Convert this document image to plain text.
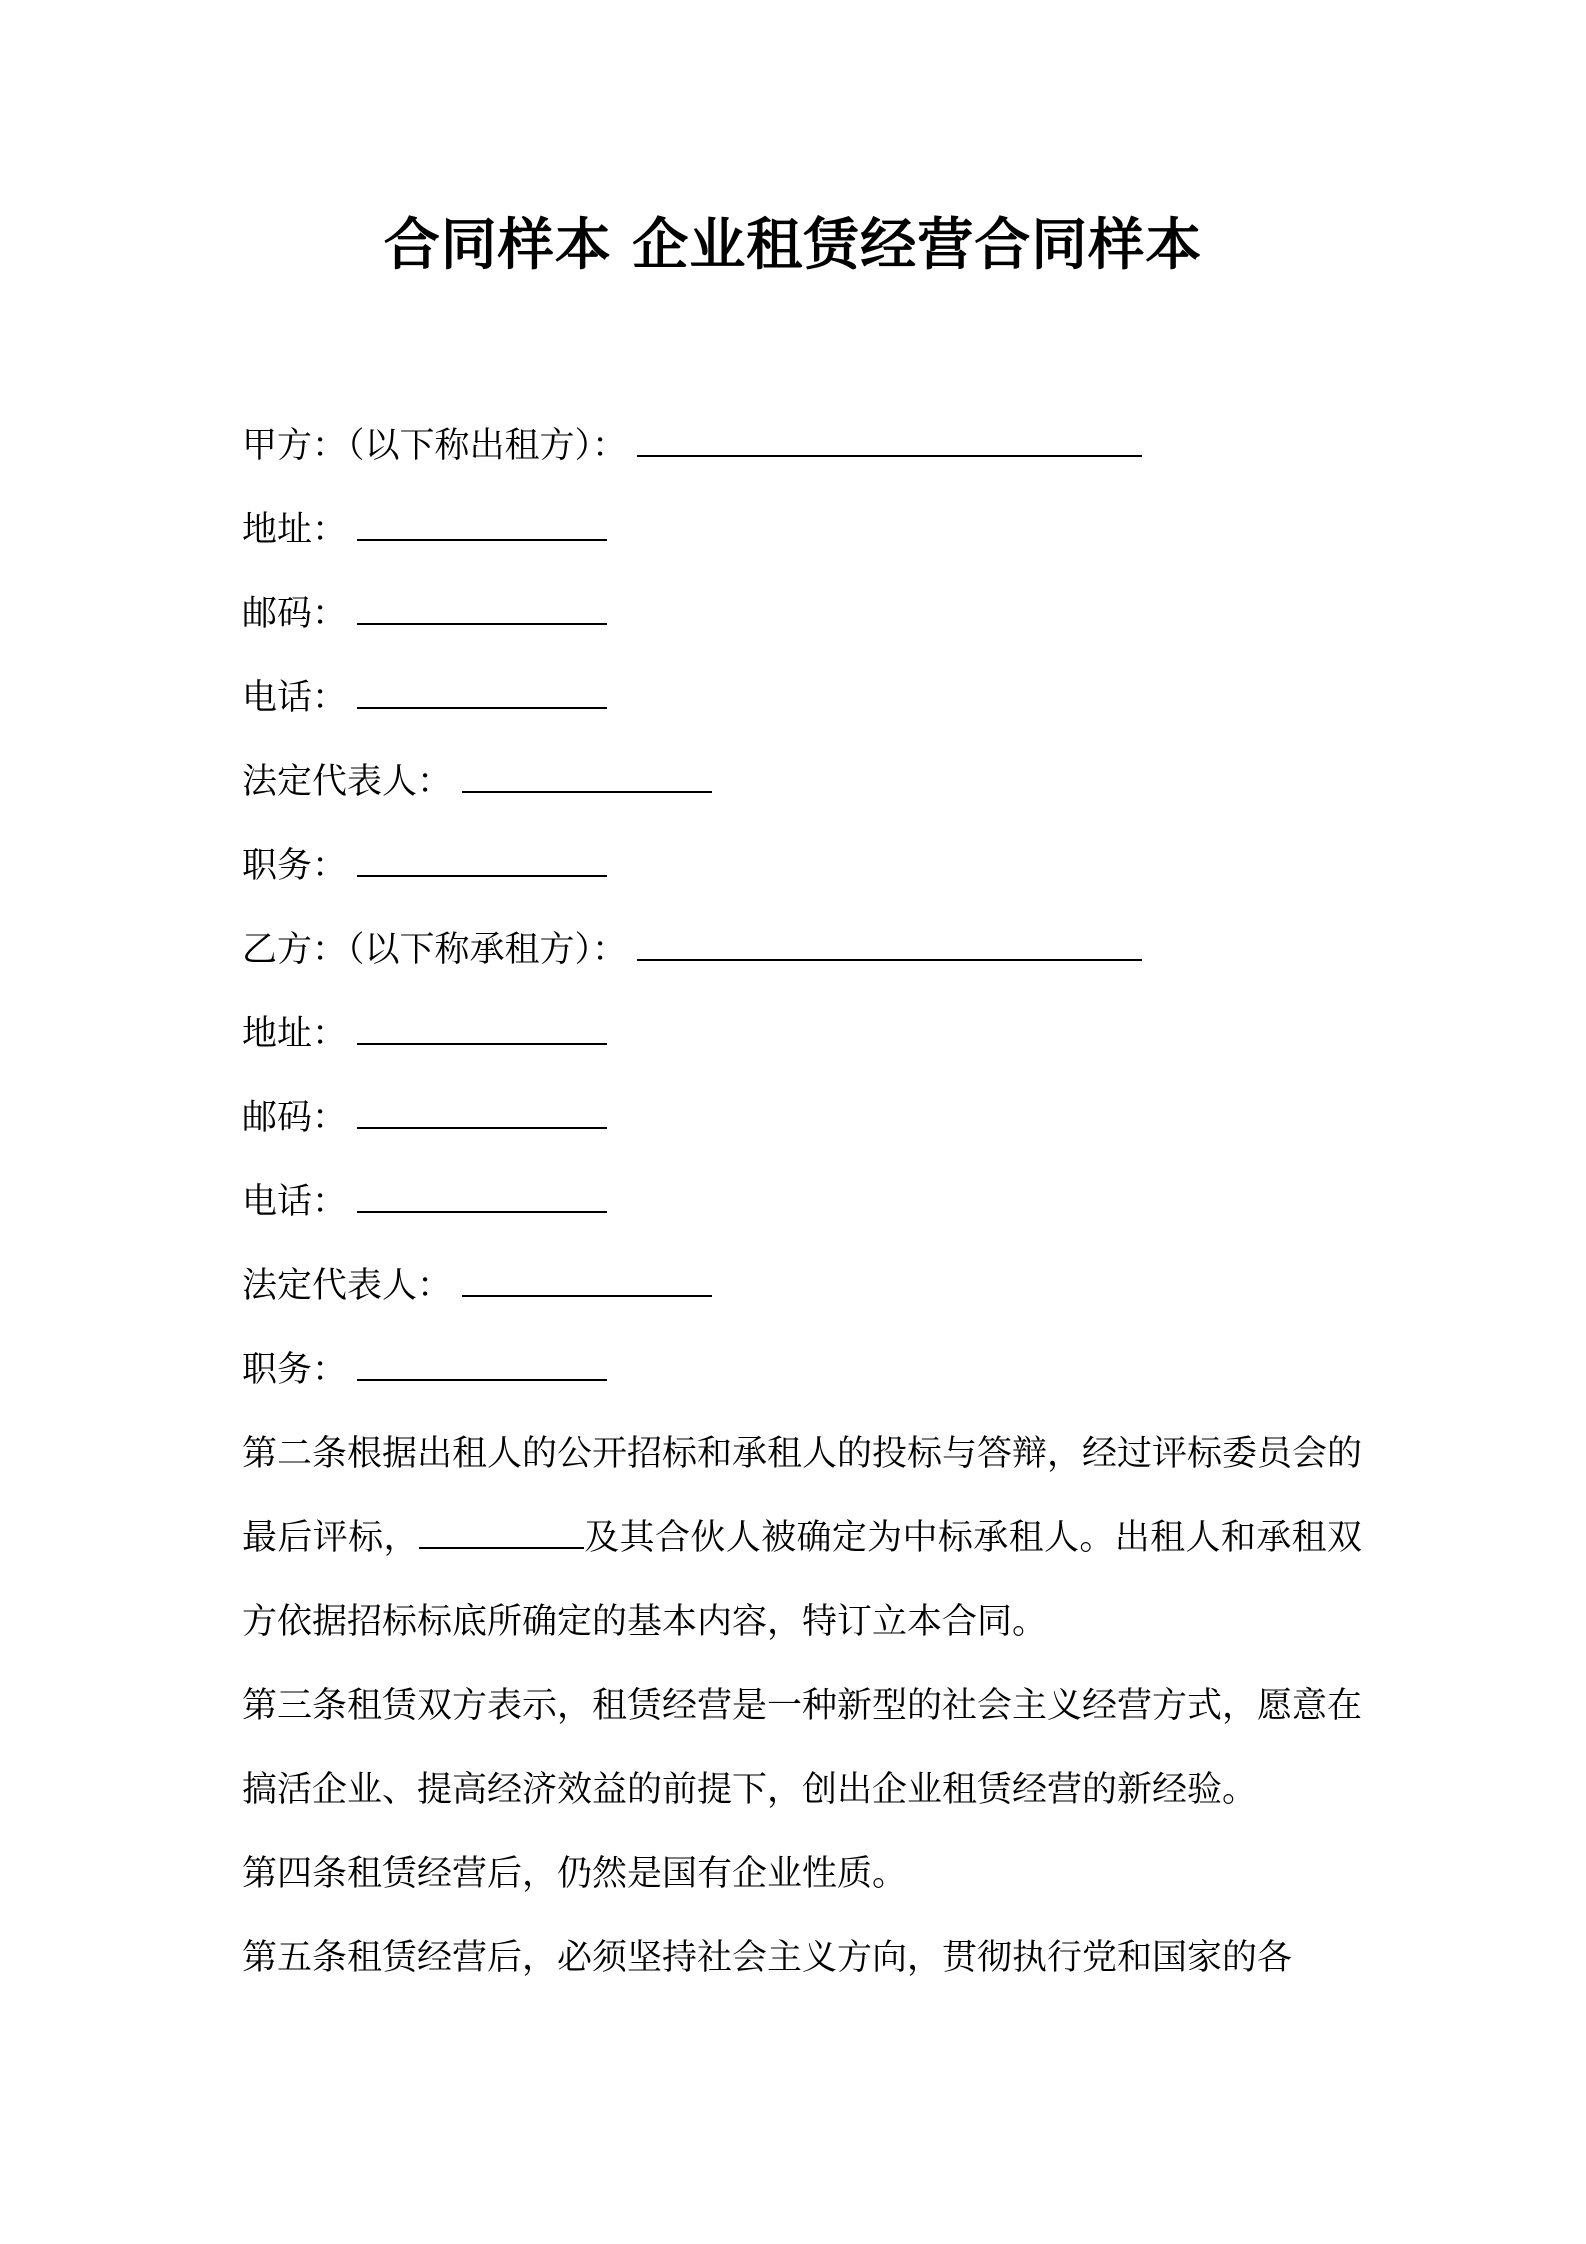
合同样本 企业租赁经营合同样本
甲方：（以下称出租方）：
地址：
邮码：
电话：
法定代表人：
职务：
乙方：（以下称承租方）：
地址：
邮码：
电话：
法定代表人：
职务：
第二条根据出租人的公开招标和承租人的投标与答辩，经过评标委员会的最后评标，	及其合伙人被确定为中标承租人。出租人和承租双方依据招标标底所确定的基本内容，特订立本合同。
第三条租赁双方表示，租赁经营是一种新型的社会主义经营方式，愿意在搞活企业、提高经济效益的前提下，创出企业租赁经营的新经验。
第四条租赁经营后，仍然是国有企业性质。
第五条租赁经营后，必须坚持社会主义方向，贯彻执行党和国家的各
